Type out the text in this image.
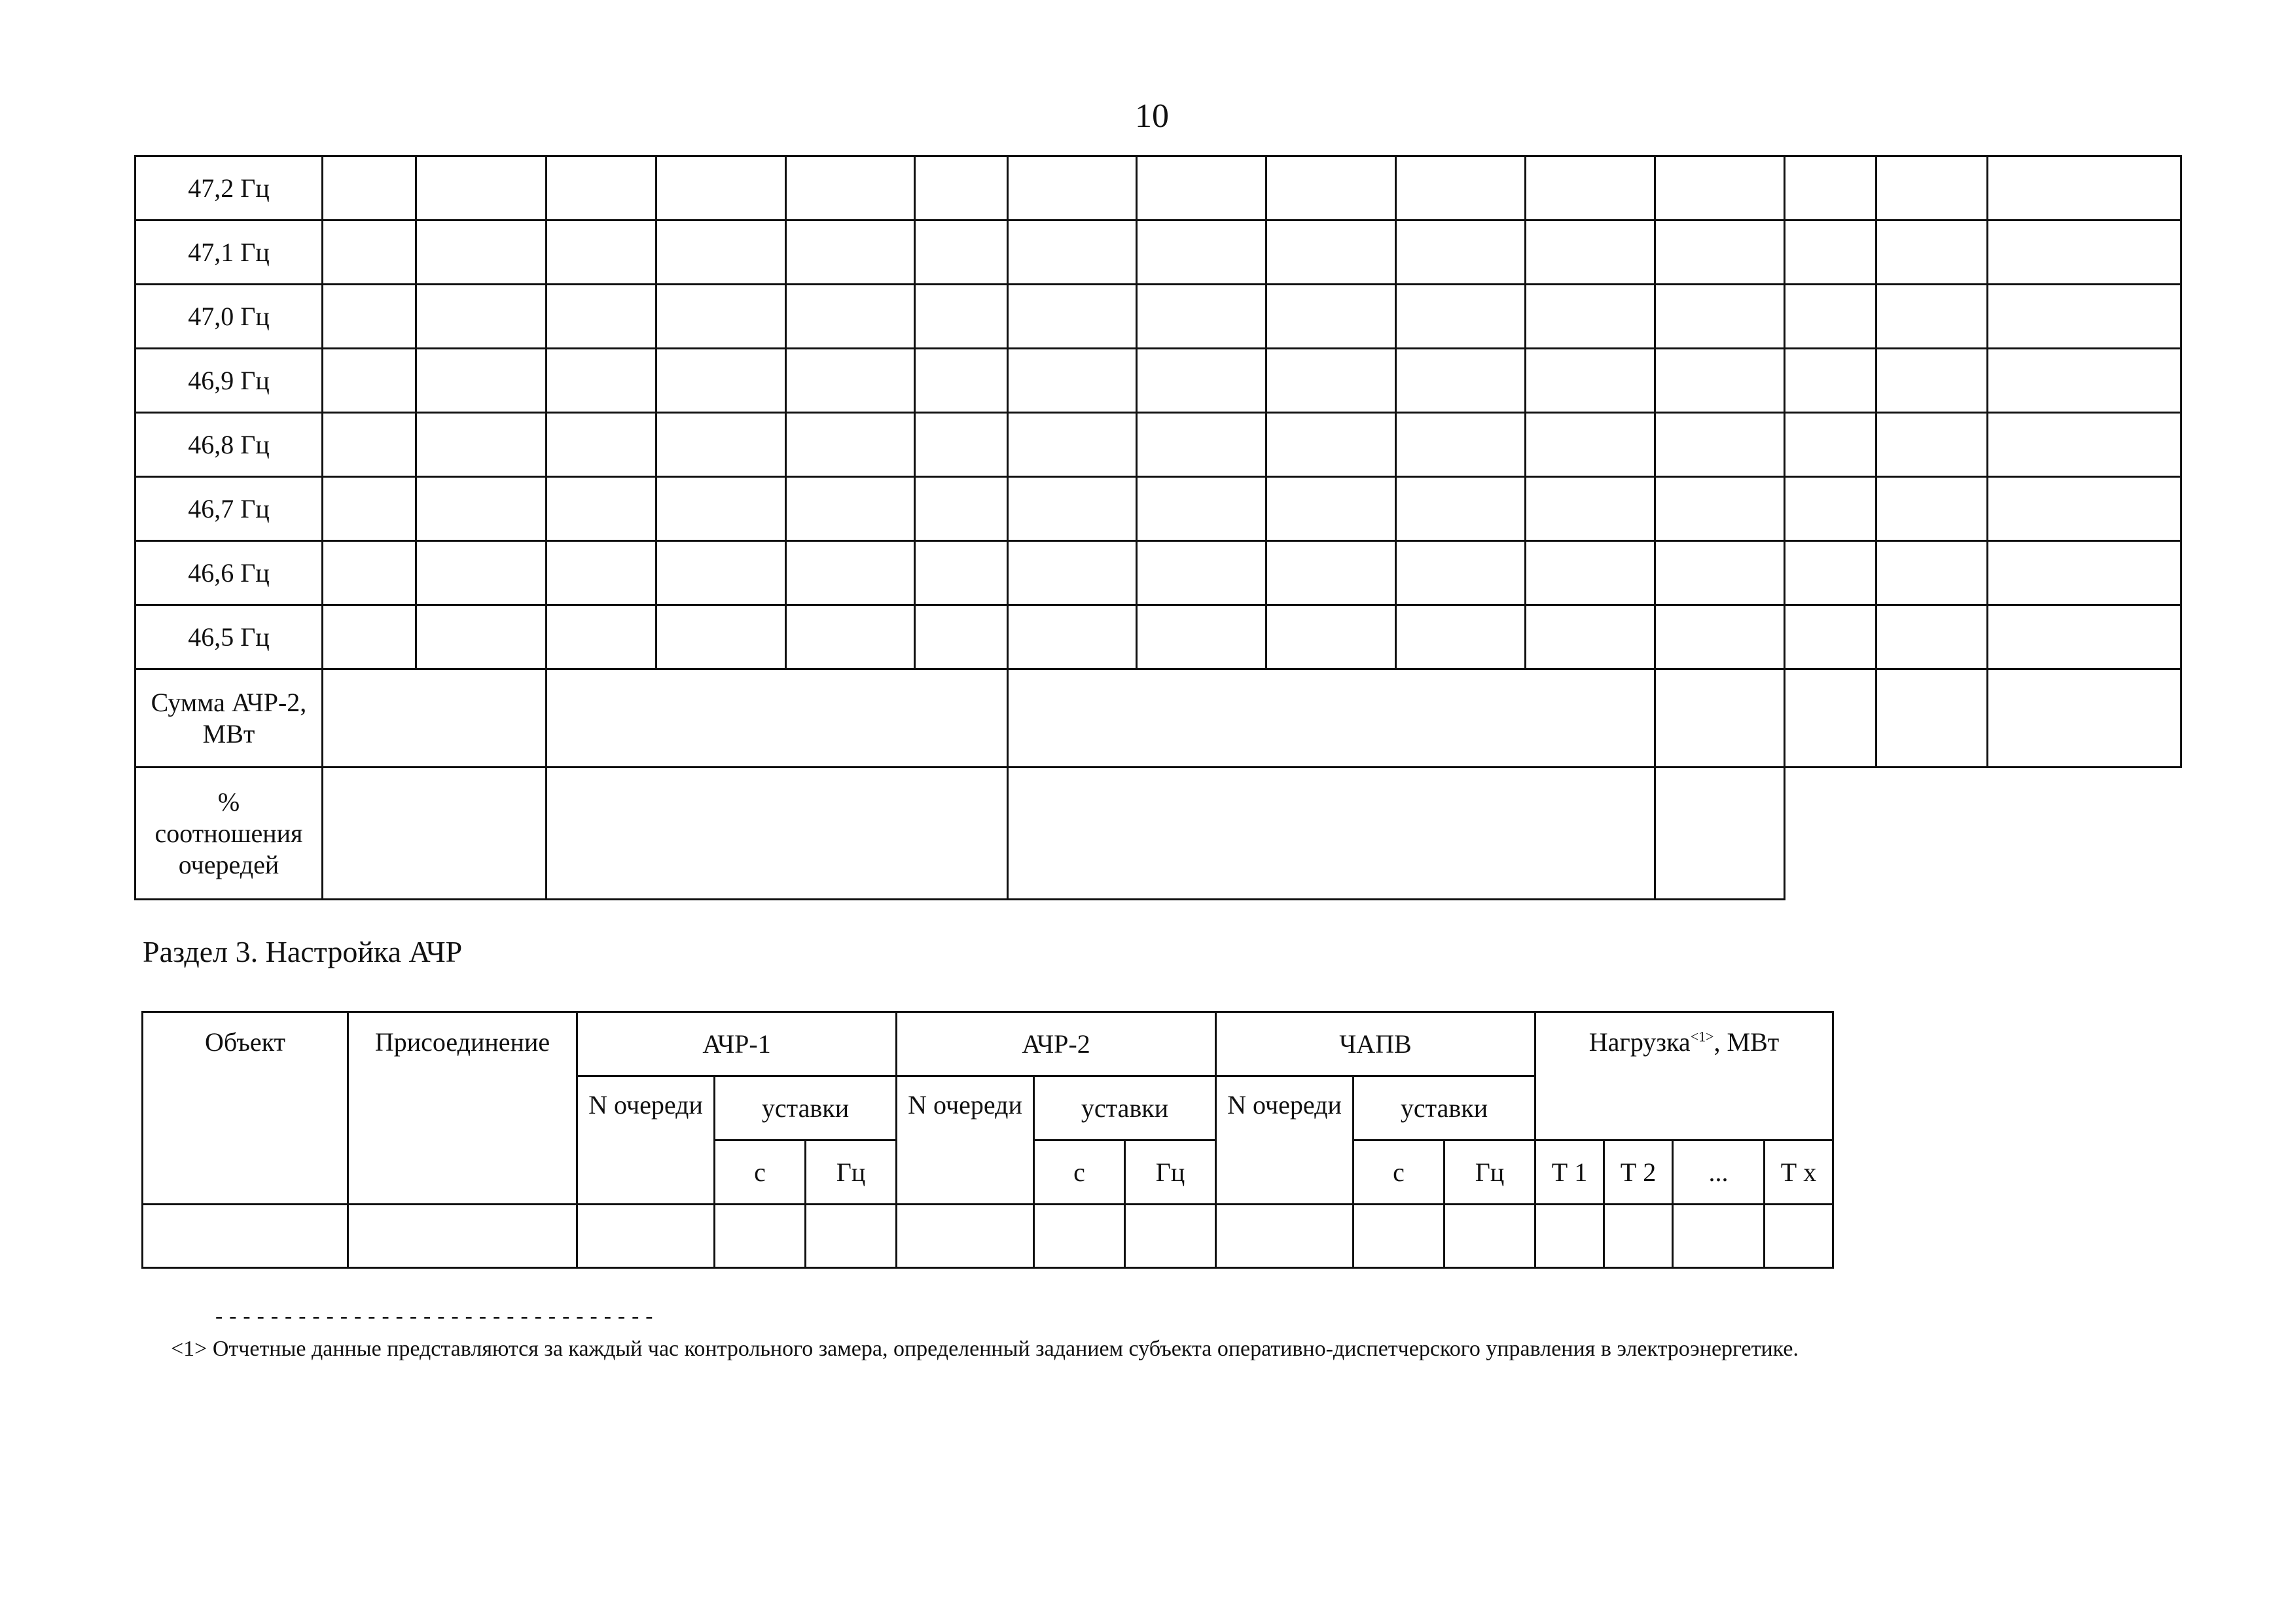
10
47,2 Гц															
47,1 Гц															
47,0 Гц															
46,9 Гц															
46,8 Гц															
46,7 Гц															
46,6 Гц															
46,5 Гц															
Сумма АЧР-2, МВт															
% соотношения очередей															
Раздел 3. Настройка АЧР
Объект	Присоединение	АЧР-1			АЧР-2			ЧАПВ			Нагрузка$^{<1>}$, МВт			
		N очереди	уставки		N очереди	уставки		N очереди	уставки					
			с	Гц		с	Гц		с	Гц	Т 1	Т 2	...	Т х

--------------------------------
<1> Отчетные данные представляются за каждый час контрольного замера, определенный заданием субъекта оперативно-диспетчерского управления в электроэнергетике.
